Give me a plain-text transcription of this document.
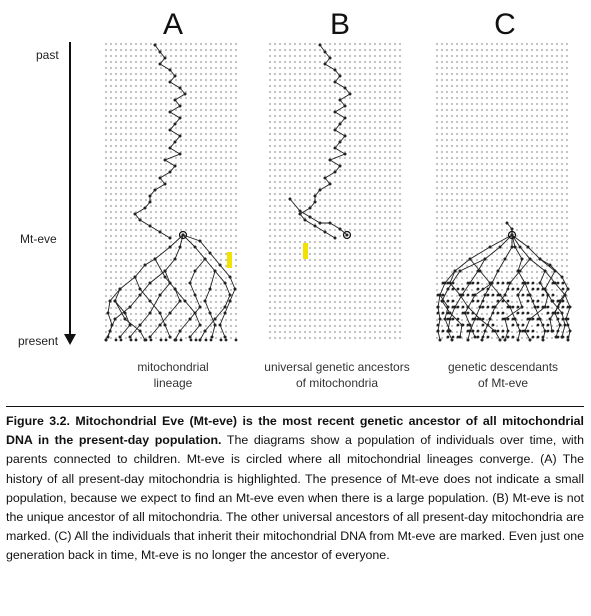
A	B	C
past
Mt-eve
present
mitochondrial
lineage
universal genetic ancestors
of mitochondria
genetic descendants
of Mt-eve
Figure 3.2. Mitochondrial Eve (Mt-eve) is the most recent genetic ancestor of all mitochondrial DNA in the present-day population. The diagrams show a population of individuals over time, with parents connected to children. Mt-eve is circled where all mitochondrial lineages converge. (A) The history of all present-day mitochondria is highlighted. The presence of Mt-eve does not indicate a small population, because we expect to find an Mt-eve even when there is a large population. (B) Mt-eve is not the unique ancestor of all mitochondria. The other universal ancestors of all present-day mitochondria are marked. (C) All the individuals that inherit their mitochondrial DNA from Mt-eve are marked. Even just one generation back in time, Mt-eve is no longer the ancestor of everyone.
